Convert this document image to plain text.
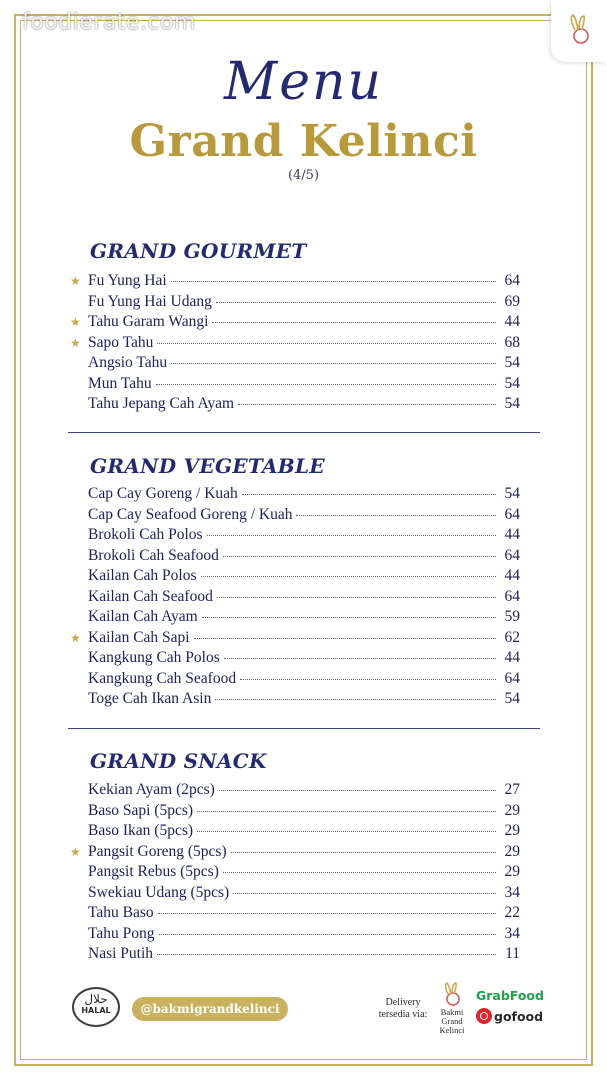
foodierate.com
Menu
Grand Kelinci
(4/5)
GRAND GOURMET
★ Fu Yung Hai	64
Fu Yung Hai Udang	69
★ Tahu Garam Wangi	44
★ Sapo Tahu	68
Angsio Tahu	54
Mun Tahu	54
Tahu Jepang Cah Ayam	54
GRAND VEGETABLE
Cap Cay Goreng / Kuah	54
Cap Cay Seafood Goreng / Kuah	64
Brokoli Cah Polos	44
Brokoli Cah Seafood	64
Kailan Cah Polos	44
Kailan Cah Seafood	64
Kailan Cah Ayam	59
★ Kailan Cah Sapi	62
Kangkung Cah Polos	44
Kangkung Cah Seafood	64
Toge Cah Ikan Asin	54
GRAND SNACK
Kekian Ayam (2pcs)	27
Baso Sapi (5pcs)	29
Baso Ikan (5pcs)	29
★ Pangsit Goreng (5pcs)	29
Pangsit Rebus (5pcs)	29
Swekiau Udang (5pcs)	34
Tahu Baso	22
Tahu Pong	34
Nasi Putih	11
حلال
HALAL	@bakmigrandkelinci	Delivery
tersedia via:	Bakmi
Grand
Kelinci
GrabFood
gofood
